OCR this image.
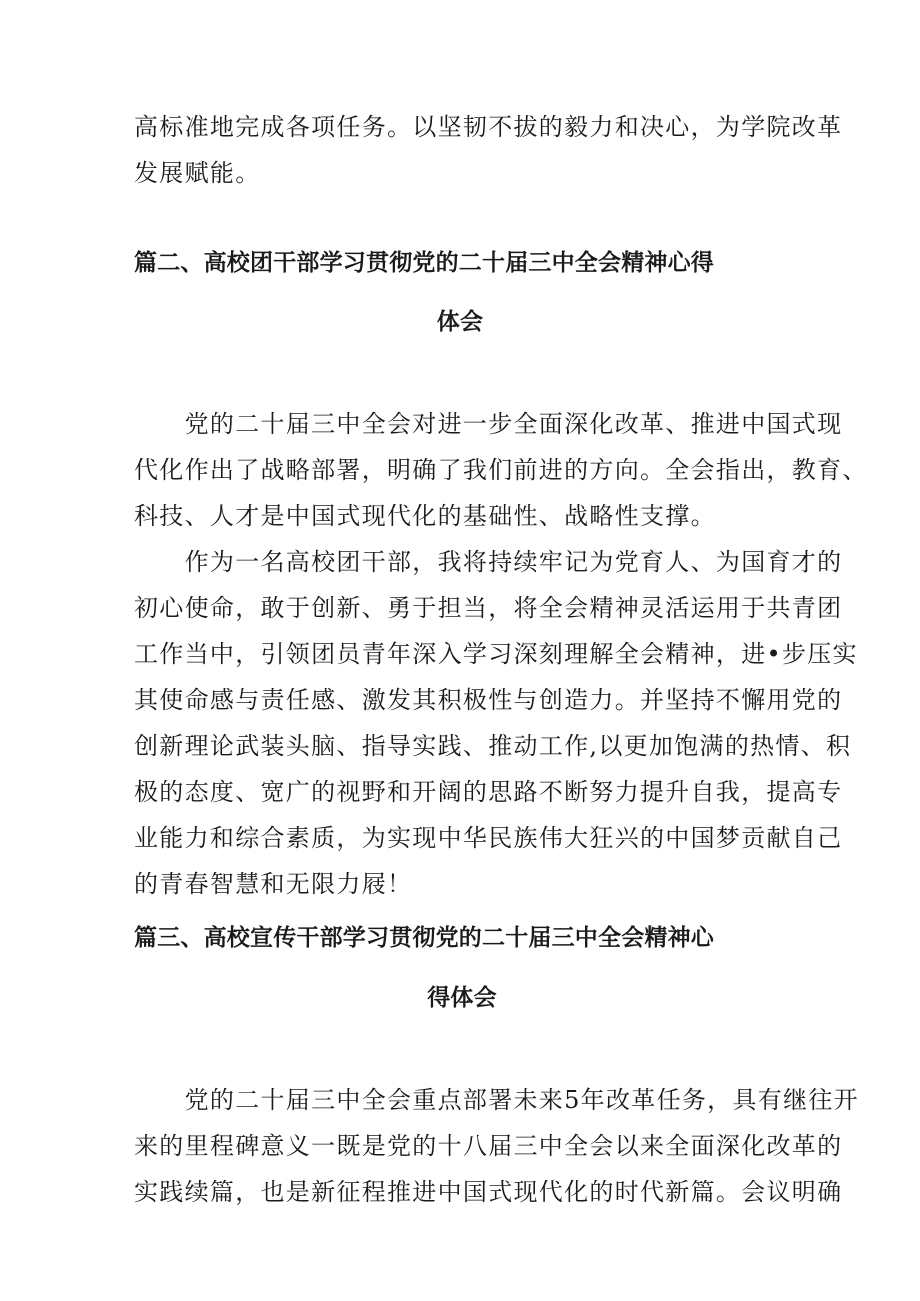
高标准地完成各项任务。以坚韧不拔的毅力和决心，为学院改革
发展赋能。
篇二、高校团干部学习贯彻党的二十届三中全会精神心得
体会
　　党的二十届三中全会对进一步全面深化改革、推进中国式现
代化作出了战略部署，明确了我们前进的方向。全会指出，教育、
科技、人才是中国式现代化的基础性、战略性支撑。
　　作为一名高校团干部，我将持续牢记为党育人、为国育才的
初心使命，敢于创新、勇于担当，将全会精神灵活运用于共青团
工作当中，引领团员青年深入学习深刻理解全会精神，进•步压实
其使命感与责任感、激发其积极性与创造力。并坚持不懈用党的
创新理论武装头脑、指导实践、推动工作,以更加饱满的热情、积
极的态度、宽广的视野和开阔的思路不断努力提升自我，提高专
业能力和综合素质，为实现中华民族伟大狂兴的中国梦贡献自己
的青春智慧和无限力屐！
篇三、高校宣传干部学习贯彻党的二十届三中全会精神心
得体会
　　党的二十届三中全会重点部署未来5年改革任务，具有继往开
来的里程碑意义一既是党的十八届三中全会以来全面深化改革的
实践续篇，也是新征程推进中国式现代化的时代新篇。会议明确
